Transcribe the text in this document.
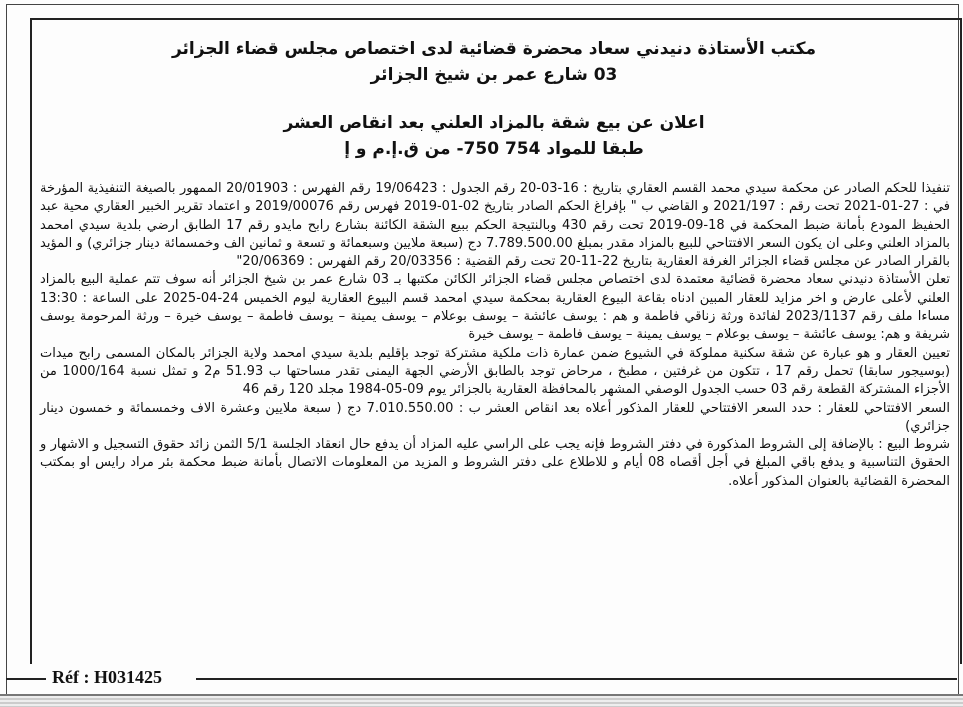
مكتب الأستاذة دنيدني سعاد محضرة قضائية لدى اختصاص مجلس قضاء الجزائر
03 شارع عمر بن شيخ الجزائر
اعلان عن بيع شقة بالمزاد العلني بعد انقاص العشر
طبقا للمواد 754 750- من ق.إ.م و إ

تنفيذا للحكم الصادر عن محكمة سيدي محمد القسم العقاري بتاريخ : 16-03-20 رقم الجدول : 19/06423 رقم الفهرس : 20/01903 الممهور بالصيغة التنفيذية المؤرخة في : 27-01-2021 تحت رقم : 2021/197 و القاضي ب " بإفراغ الحكم الصادر بتاريخ 02-01-2019 فهرس رقم 2019/00076 و اعتماد تقرير الخبير العقاري محية عبد الحفيظ المودع بأمانة ضبط المحكمة في 18-09-2019 تحت رقم 430 وبالنتيجة الحكم ببيع الشقة الكائنة بشارع رابح مايدو رقم 17 الطابق ارضي بلدية سيدي امحمد بالمزاد العلني وعلى ان يكون السعر الافتتاحي للبيع بالمزاد مقدر بمبلغ 7.789.500.00 دج (سبعة ملايين وسبعمائة و تسعة و ثمانين الف وخمسمائة دينار جزائري) و المؤيد بالقرار الصادر عن مجلس قضاء الجزائر الغرفة العقارية بتاريخ 22-11-20 تحت رقم القضية : 20/03356 رقم الفهرس : 20/06369"

تعلن الأستاذة دنيدني سعاد محضرة قضائية معتمدة لدى اختصاص مجلس قضاء الجزائر الكائن مكتبها بـ 03 شارع عمر بن شيخ الجزائر أنه سوف تتم عملية البيع بالمزاد العلني لأعلى عارض و اخر مزايد للعقار المبين ادناه بقاعة البيوع العقارية بمحكمة سيدي امحمد قسم البيوع العقارية ليوم الخميس 24-04-2025 على الساعة : 13:30 مساءا ملف رقم 2023/1137 لفائدة ورثة زناقي فاطمة و هم : يوسف عائشة – يوسف بوعلام – يوسف يمينة – يوسف فاطمة – يوسف خيرة – ورثة المرحومة يوسف شريفة و هم: يوسف عائشة – يوسف بوعلام – يوسف يمينة – يوسف فاطمة – يوسف خيرة

تعيين العقار و هو عبارة عن شقة سكنية مملوكة في الشيوع ضمن عمارة ذات ملكية مشتركة توجد بإقليم بلدية سيدي امحمد ولاية الجزائر بالمكان المسمى رابح ميدات (بوسيجور سابقا) تحمل رقم 17 ، تتكون من غرفتين ، مطبخ ، مرحاض توجد بالطابق الأرضي الجهة اليمنى تقدر مساحتها ب 51.93 م2 و تمثل نسبة 1000/164 من الأجزاء المشتركة القطعة رقم 03 حسب الجدول الوصفي المشهر بالمحافظة العقارية بالجزائر يوم 09-05-1984 مجلد 120 رقم 46

السعر الافتتاحي للعقار : حدد السعر الافتتاحي للعقار المذكور أعلاه بعد انقاص العشر ب : 7.010.550.00 دج ( سبعة ملايين وعشرة الاف وخمسمائة و خمسون دينار جزائري)

شروط البيع : بالإضافة إلى الشروط المذكورة في دفتر الشروط فإنه يجب على الراسي عليه المزاد أن يدفع حال انعقاد الجلسة 5/1 الثمن زائد حقوق التسجيل و الاشهار و الحقوق التناسبية و يدفع باقي المبلغ في أجل أقصاه 08 أيام و للاطلاع على دفتر الشروط و المزيد من المعلومات الاتصال بأمانة ضبط محكمة بئر مراد رايس او بمكتب المحضرة القضائية بالعنوان المذكور أعلاه.

Réf : H031425
